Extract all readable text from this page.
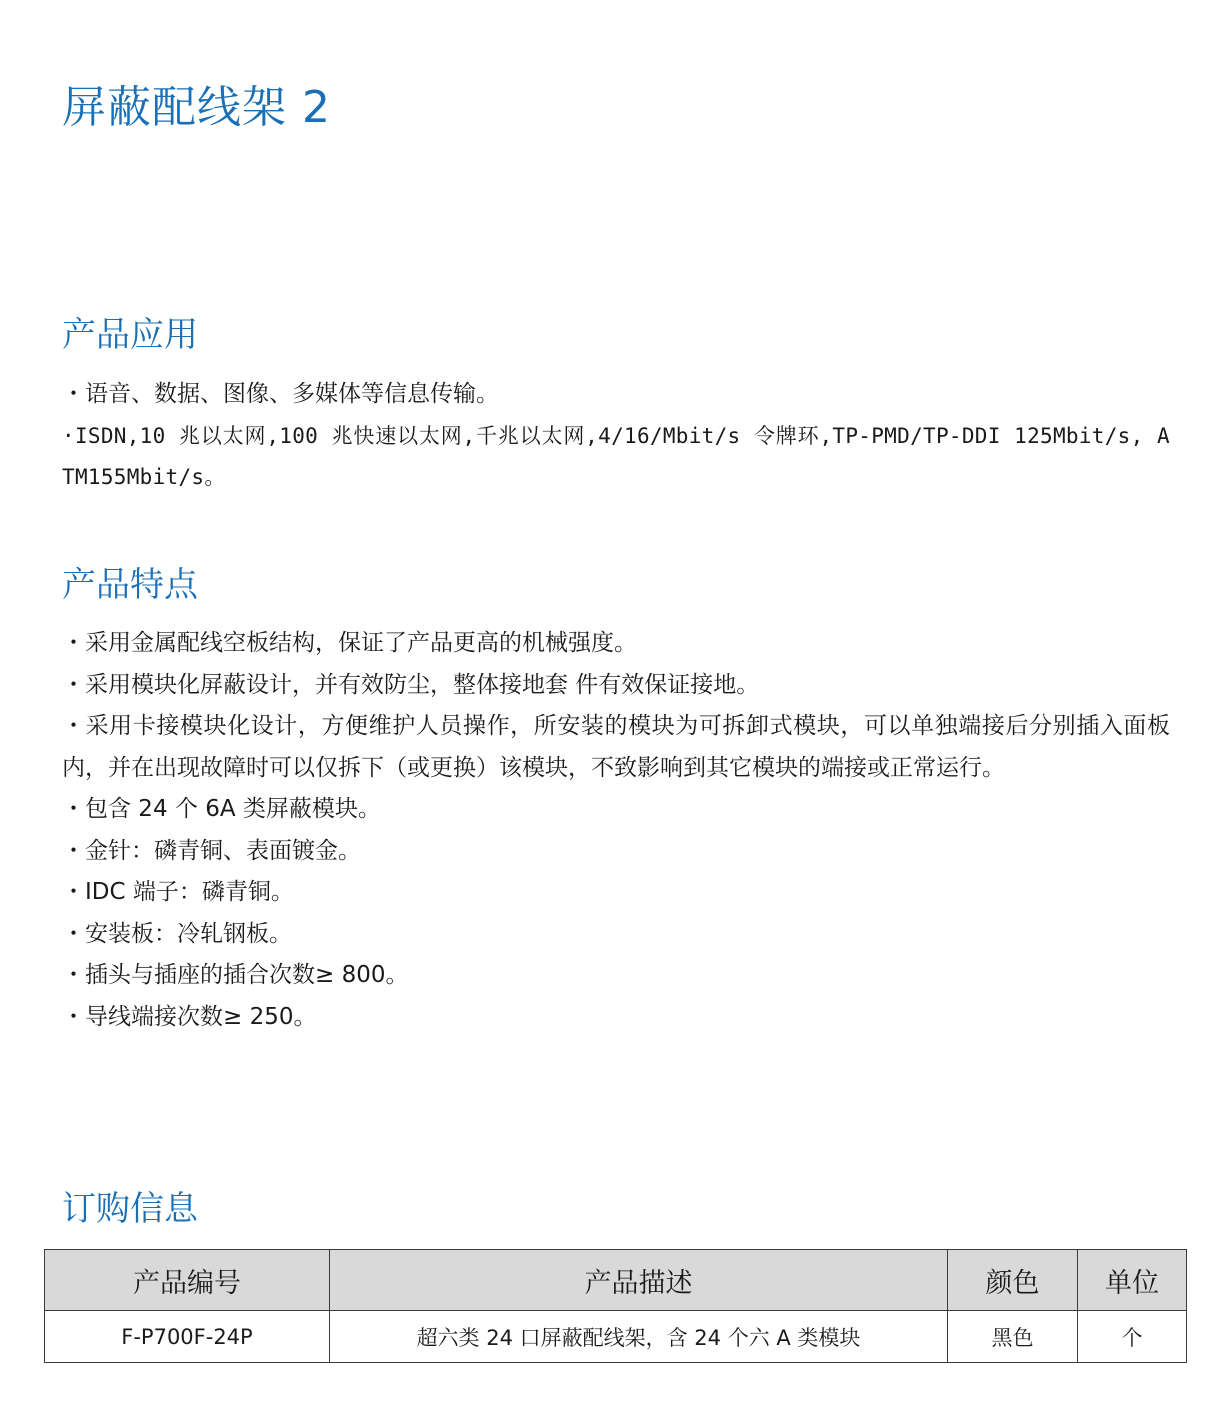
屏蔽配线架 2
产品应用
・语音、数据、图像、多媒体等信息传输。
·ISDN,10 兆以太网,100 兆快速以太网,千兆以太网,4/16/Mbit/s 令牌环,TP-PMD/TP-DDI 125Mbit/s, ATM155Mbit/s。
产品特点
・采用金属配线空板结构，保证了产品更高的机械强度。
・采用模块化屏蔽设计，并有效防尘，整体接地套 件有效保证接地。
・采用卡接模块化设计，方便维护人员操作，所安装的模块为可拆卸式模块，可以单独端接后分别插入面板内，并在出现故障时可以仅拆下（或更换）该模块，不致影响到其它模块的端接或正常运行。
・包含 24 个 6A 类屏蔽模块。
・金针：磷青铜、表面镀金。
・IDC 端子：磷青铜。
・安装板：冷轧钢板。
・插头与插座的插合次数≥ 800。
・导线端接次数≥ 250。
订购信息
产品编号	产品描述	颜色	单位
F-P700F-24P	超六类 24 口屏蔽配线架，含 24 个六 A 类模块	黑色	个
